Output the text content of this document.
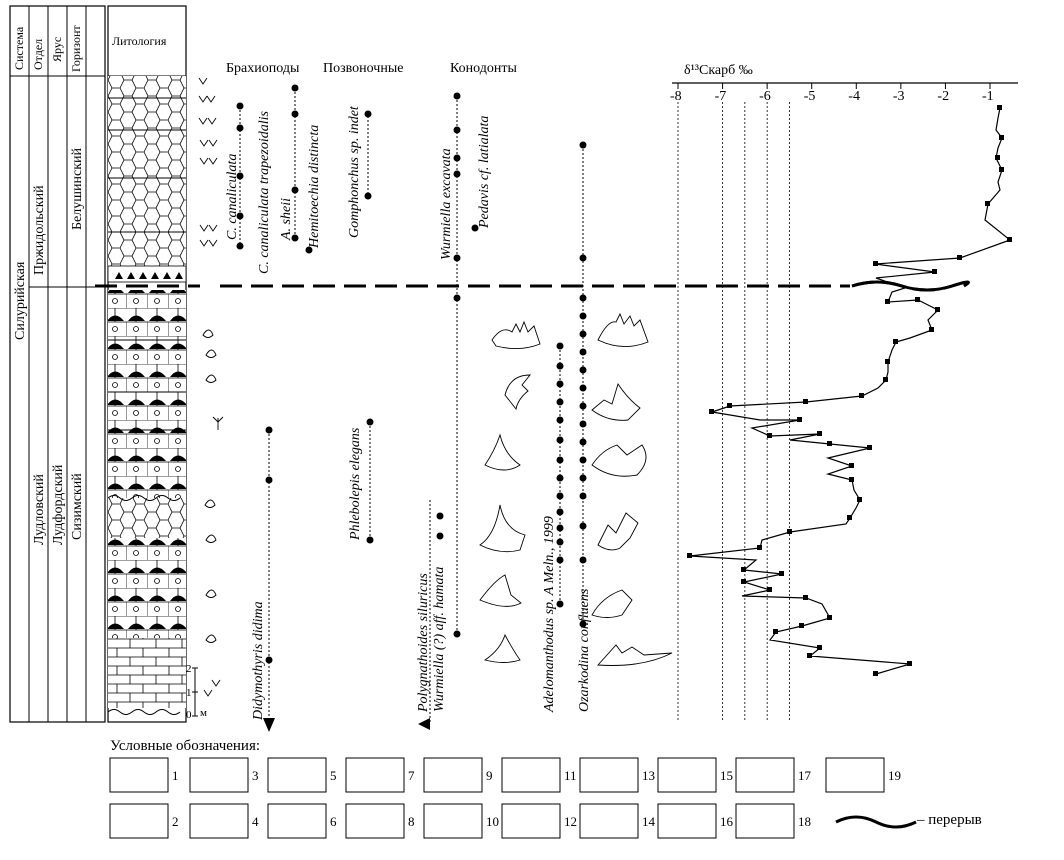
Система Отдел Ярус Горизонт
Силурийская
Пржидольский
Лудловский Лудфордский
Белушинский
Сизимский
Литология
2
1
0 м
Брахиоподы Позвоночные	Конодонты
C. canaliculata C. canaliculata trapezoidalis A. sheii Hemitoechia distincta Gomphonchus sp. indet	Wurmiella excavata Pedavis cf. latialata
Didymothyris didima
Phlebolepis elegans
Polygnathoides siluricus Wurmiella (?) aff. hamata	Adelomanthodus sp. A Meln., 1999 Ozarkodina confluens
δ¹³Cкарб ‰
-8 -7 -6 -5 -4 -3 -2 -1
Условные обозначения:
1
2
3
4
5
6
7
8
9
10
11
12
13
14
15
16
17
18
19
– перерыв
